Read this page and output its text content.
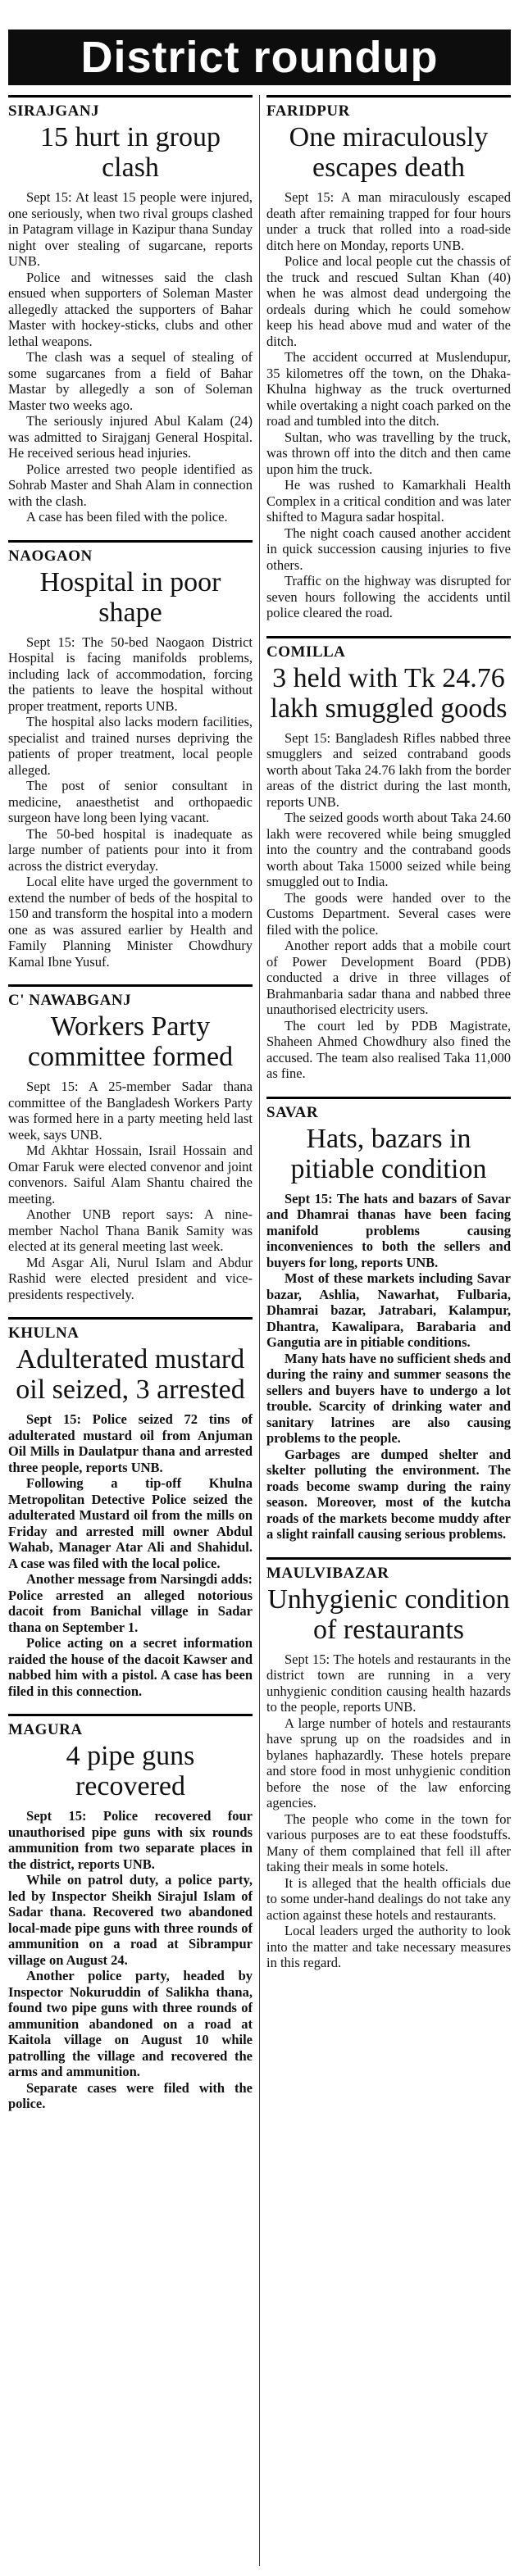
District roundup
SIRAJGANJ
15 hurt in group clash

Sept 15: At least 15 people were injured, one seriously, when two rival groups clashed in Patagram village in Kazipur thana Sunday night over stealing of sugarcane, reports UNB.

Police and witnesses said the clash ensued when supporters of Soleman Master allegedly attacked the supporters of Bahar Master with hockey-sticks, clubs and other lethal weapons.

The clash was a sequel of stealing of some sugarcanes from a field of Bahar Mastar by allegedly a son of Soleman Master two weeks ago.

The seriously injured Abul Kalam (24) was admitted to Sirajganj General Hospital. He received serious head injuries.

Police arrested two people identified as Sohrab Master and Shah Alam in connection with the clash.

A case has been filed with the police.

NAOGAON
Hospital in poor shape

Sept 15: The 50-bed Naogaon District Hospital is facing manifolds problems, including lack of accommodation, forcing the patients to leave the hospital without proper treatment, reports UNB.

The hospital also lacks modern facilities, specialist and trained nurses depriving the patients of proper treatment, local people alleged.

The post of senior consultant in medicine, anaesthetist and orthopaedic surgeon have long been lying vacant.

The 50-bed hospital is inadequate as large number of patients pour into it from across the district everyday.

Local elite have urged the government to extend the number of beds of the hospital to 150 and transform the hospital into a modern one as was assured earlier by Health and Family Planning Minister Chowdhury Kamal Ibne Yusuf.

C' NAWABGANJ
Workers Party committee formed

Sept 15: A 25-member Sadar thana committee of the Bangladesh Workers Party was formed here in a party meeting held last week, says UNB.

Md Akhtar Hossain, Israil Hossain and Omar Faruk were elected convenor and joint convenors. Saiful Alam Shantu chaired the meeting.

Another UNB report says: A nine-member Nachol Thana Banik Samity was elected at its general meeting last week.

Md Asgar Ali, Nurul Islam and Abdur Rashid were elected president and vice-presidents respectively.

KHULNA
Adulterated mustard oil seized, 3 arrested

Sept 15: Police seized 72 tins of adulterated mustard oil from Anjuman Oil Mills in Daulatpur thana and arrested three people, reports UNB.

Following a tip-off Khulna Metropolitan Detective Police seized the adulterated Mustard oil from the mills on Friday and arrested mill owner Abdul Wahab, Manager Atar Ali and Shahidul. A case was filed with the local police.

Another message from Narsingdi adds: Police arrested an alleged notorious dacoit from Banichal village in Sadar thana on September 1.

Police acting on a secret information raided the house of the dacoit Kawser and nabbed him with a pistol. A case has been filed in this connection.

MAGURA
4 pipe guns recovered

Sept 15: Police recovered four unauthorised pipe guns with six rounds ammunition from two separate places in the district, reports UNB.

While on patrol duty, a police party, led by Inspector Sheikh Sirajul Islam of Sadar thana. Recovered two abandoned local-made pipe guns with three rounds of ammunition on a road at Sibrampur village on August 24.

Another police party, headed by Inspector Nokuruddin of Salikha thana, found two pipe guns with three rounds of ammunition abandoned on a road at Kaitola village on August 10 while patrolling the village and recovered the arms and ammunition.

Separate cases were filed with the police.

FARIDPUR
One miraculously escapes death

Sept 15: A man miraculously escaped death after remaining trapped for four hours under a truck that rolled into a road-side ditch here on Monday, reports UNB.

Police and local people cut the chassis of the truck and rescued Sultan Khan (40) when he was almost dead undergoing the ordeals during which he could somehow keep his head above mud and water of the ditch.

The accident occurred at Muslendupur, 35 kilometres off the town, on the Dhaka-Khulna highway as the truck overturned while overtaking a night coach parked on the road and tumbled into the ditch.

Sultan, who was travelling by the truck, was thrown off into the ditch and then came upon him the truck.

He was rushed to Kamarkhali Health Complex in a critical condition and was later shifted to Magura sadar hospital.

The night coach caused another accident in quick succession causing injuries to five others.

Traffic on the highway was disrupted for seven hours following the accidents until police cleared the road.

COMILLA
3 held with Tk 24.76 lakh smuggled goods

Sept 15: Bangladesh Rifles nabbed three smugglers and seized contraband goods worth about Taka 24.76 lakh from the border areas of the district during the last month, reports UNB.

The seized goods worth about Taka 24.60 lakh were recovered while being smuggled into the country and the contraband goods worth about Taka 15000 seized while being smuggled out to India.

The goods were handed over to the Customs Department. Several cases were filed with the police.

Another report adds that a mobile court of Power Development Board (PDB) conducted a drive in three villages of Brahmanbaria sadar thana and nabbed three unauthorised electricity users.

The court led by PDB Magistrate, Shaheen Ahmed Chowdhury also fined the accused. The team also realised Taka 11,000 as fine.

SAVAR
Hats, bazars in pitiable condition

Sept 15: The hats and bazars of Savar and Dhamrai thanas have been facing manifold problems causing inconveniences to both the sellers and buyers for long, reports UNB.

Most of these markets including Savar bazar, Ashlia, Nawarhat, Fulbaria, Dhamrai bazar, Jatrabari, Kalampur, Dhantra, Kawalipara, Barabaria and Gangutia are in pitiable conditions.

Many hats have no sufficient sheds and during the rainy and summer seasons the sellers and buyers have to undergo a lot trouble. Scarcity of drinking water and sanitary latrines are also causing problems to the people.

Garbages are dumped shelter and skelter polluting the environment. The roads become swamp during the rainy season. Moreover, most of the kutcha roads of the markets become muddy after a slight rainfall causing serious problems.

MAULVIBAZAR
Unhygienic condition of restaurants

Sept 15: The hotels and restaurants in the district town are running in a very unhygienic condition causing health hazards to the people, reports UNB.

A large number of hotels and restaurants have sprung up on the roadsides and in bylanes haphazardly. These hotels prepare and store food in most unhygienic condition before the nose of the law enforcing agencies.

The people who come in the town for various purposes are to eat these foodstuffs. Many of them complained that fell ill after taking their meals in some hotels.

It is alleged that the health officials due to some under-hand dealings do not take any action against these hotels and restaurants.

Local leaders urged the authority to look into the matter and take necessary measures in this regard.
